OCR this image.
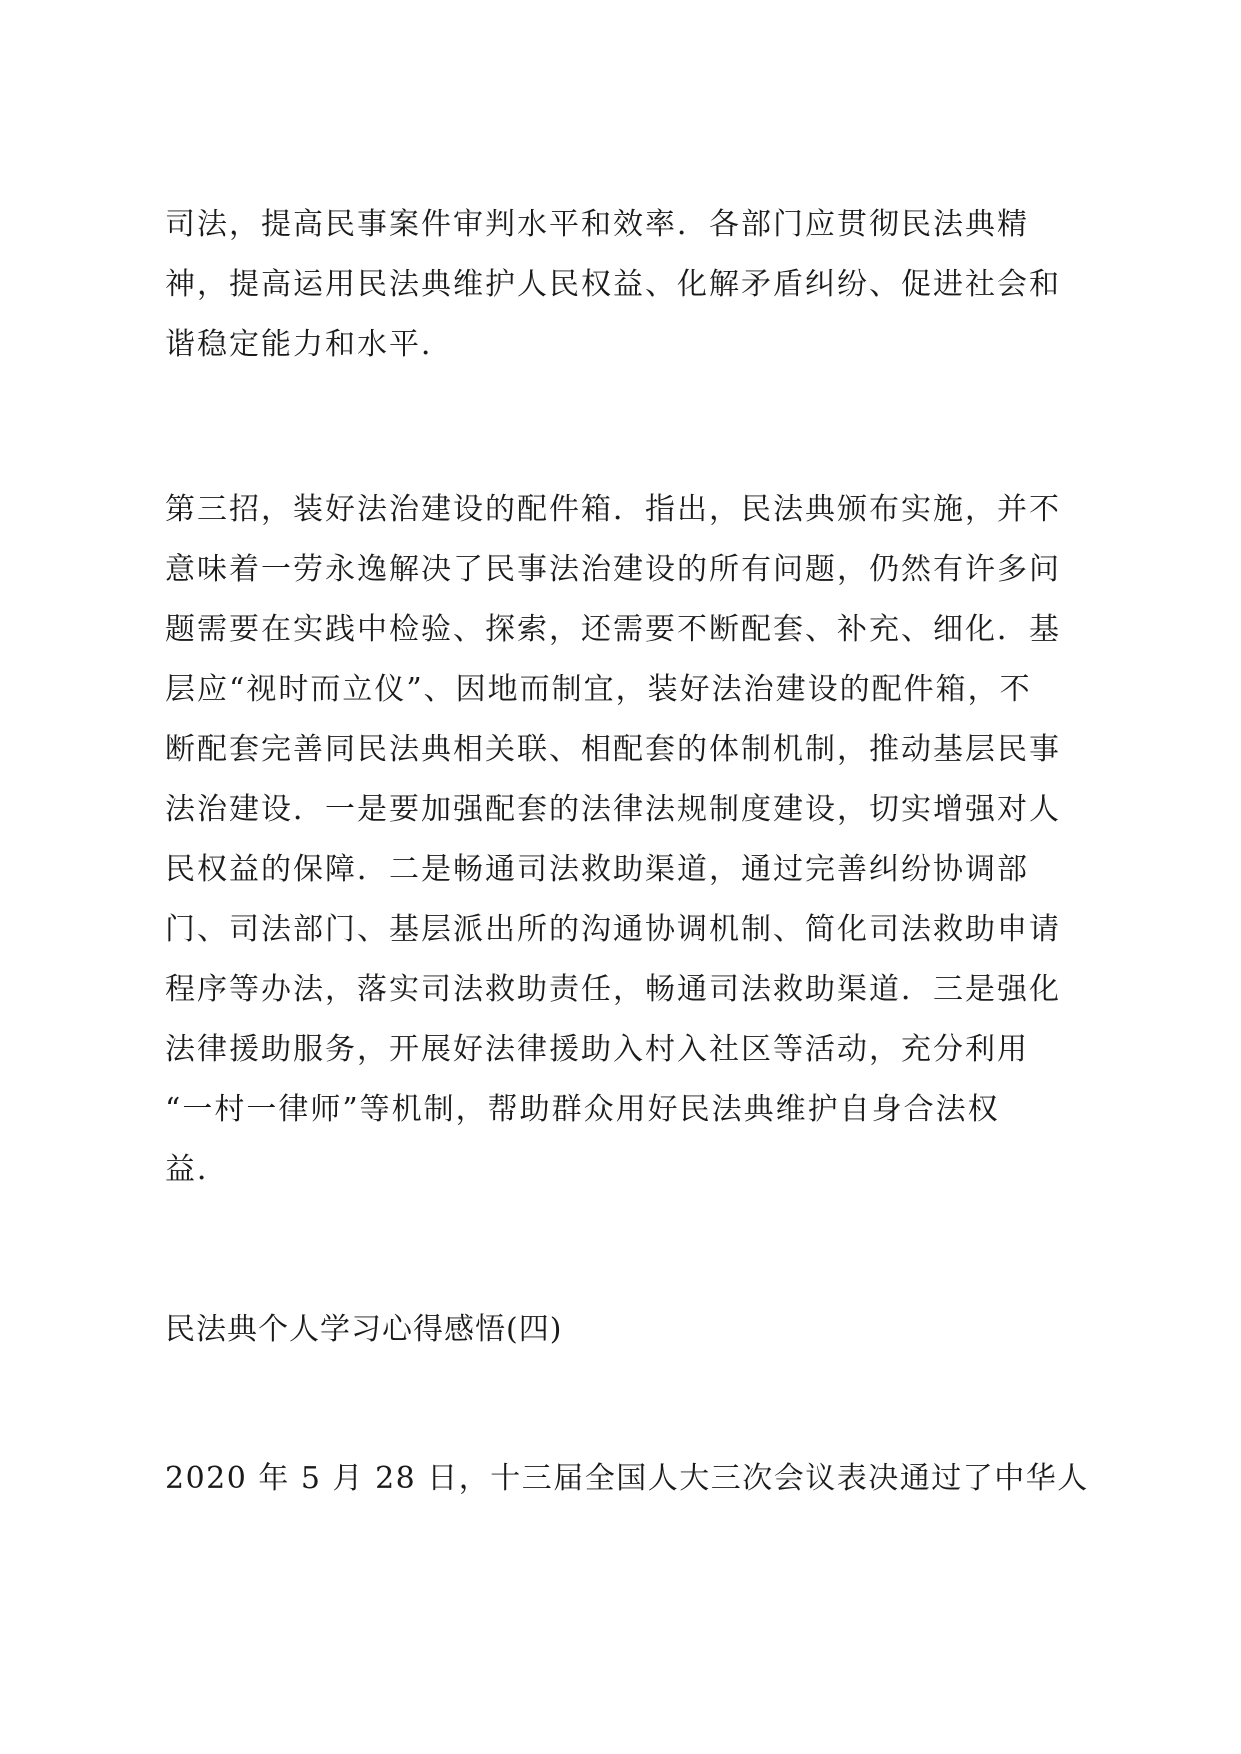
司法，提高民事案件审判水平和效率．各部门应贯彻民法典精
神，提高运用民法典维护人民权益、化解矛盾纠纷、促进社会和
谐稳定能力和水平．
第三招，装好法治建设的配件箱．指出，民法典颁布实施，并不
意味着一劳永逸解决了民事法治建设的所有问题，仍然有许多问
题需要在实践中检验、探索，还需要不断配套、补充、细化．基
层应“视时而立仪”、因地而制宜，装好法治建设的配件箱，不
断配套完善同民法典相关联、相配套的体制机制，推动基层民事
法治建设．一是要加强配套的法律法规制度建设，切实增强对人
民权益的保障．二是畅通司法救助渠道，通过完善纠纷协调部
门、司法部门、基层派出所的沟通协调机制、简化司法救助申请
程序等办法，落实司法救助责任，畅通司法救助渠道．三是强化
法律援助服务，开展好法律援助入村入社区等活动，充分利用
“一村一律师”等机制，帮助群众用好民法典维护自身合法权
益．
民法典个人学习心得感悟(四)
2020 年 5 月 28 日，十三届全国人大三次会议表决通过了中华人
